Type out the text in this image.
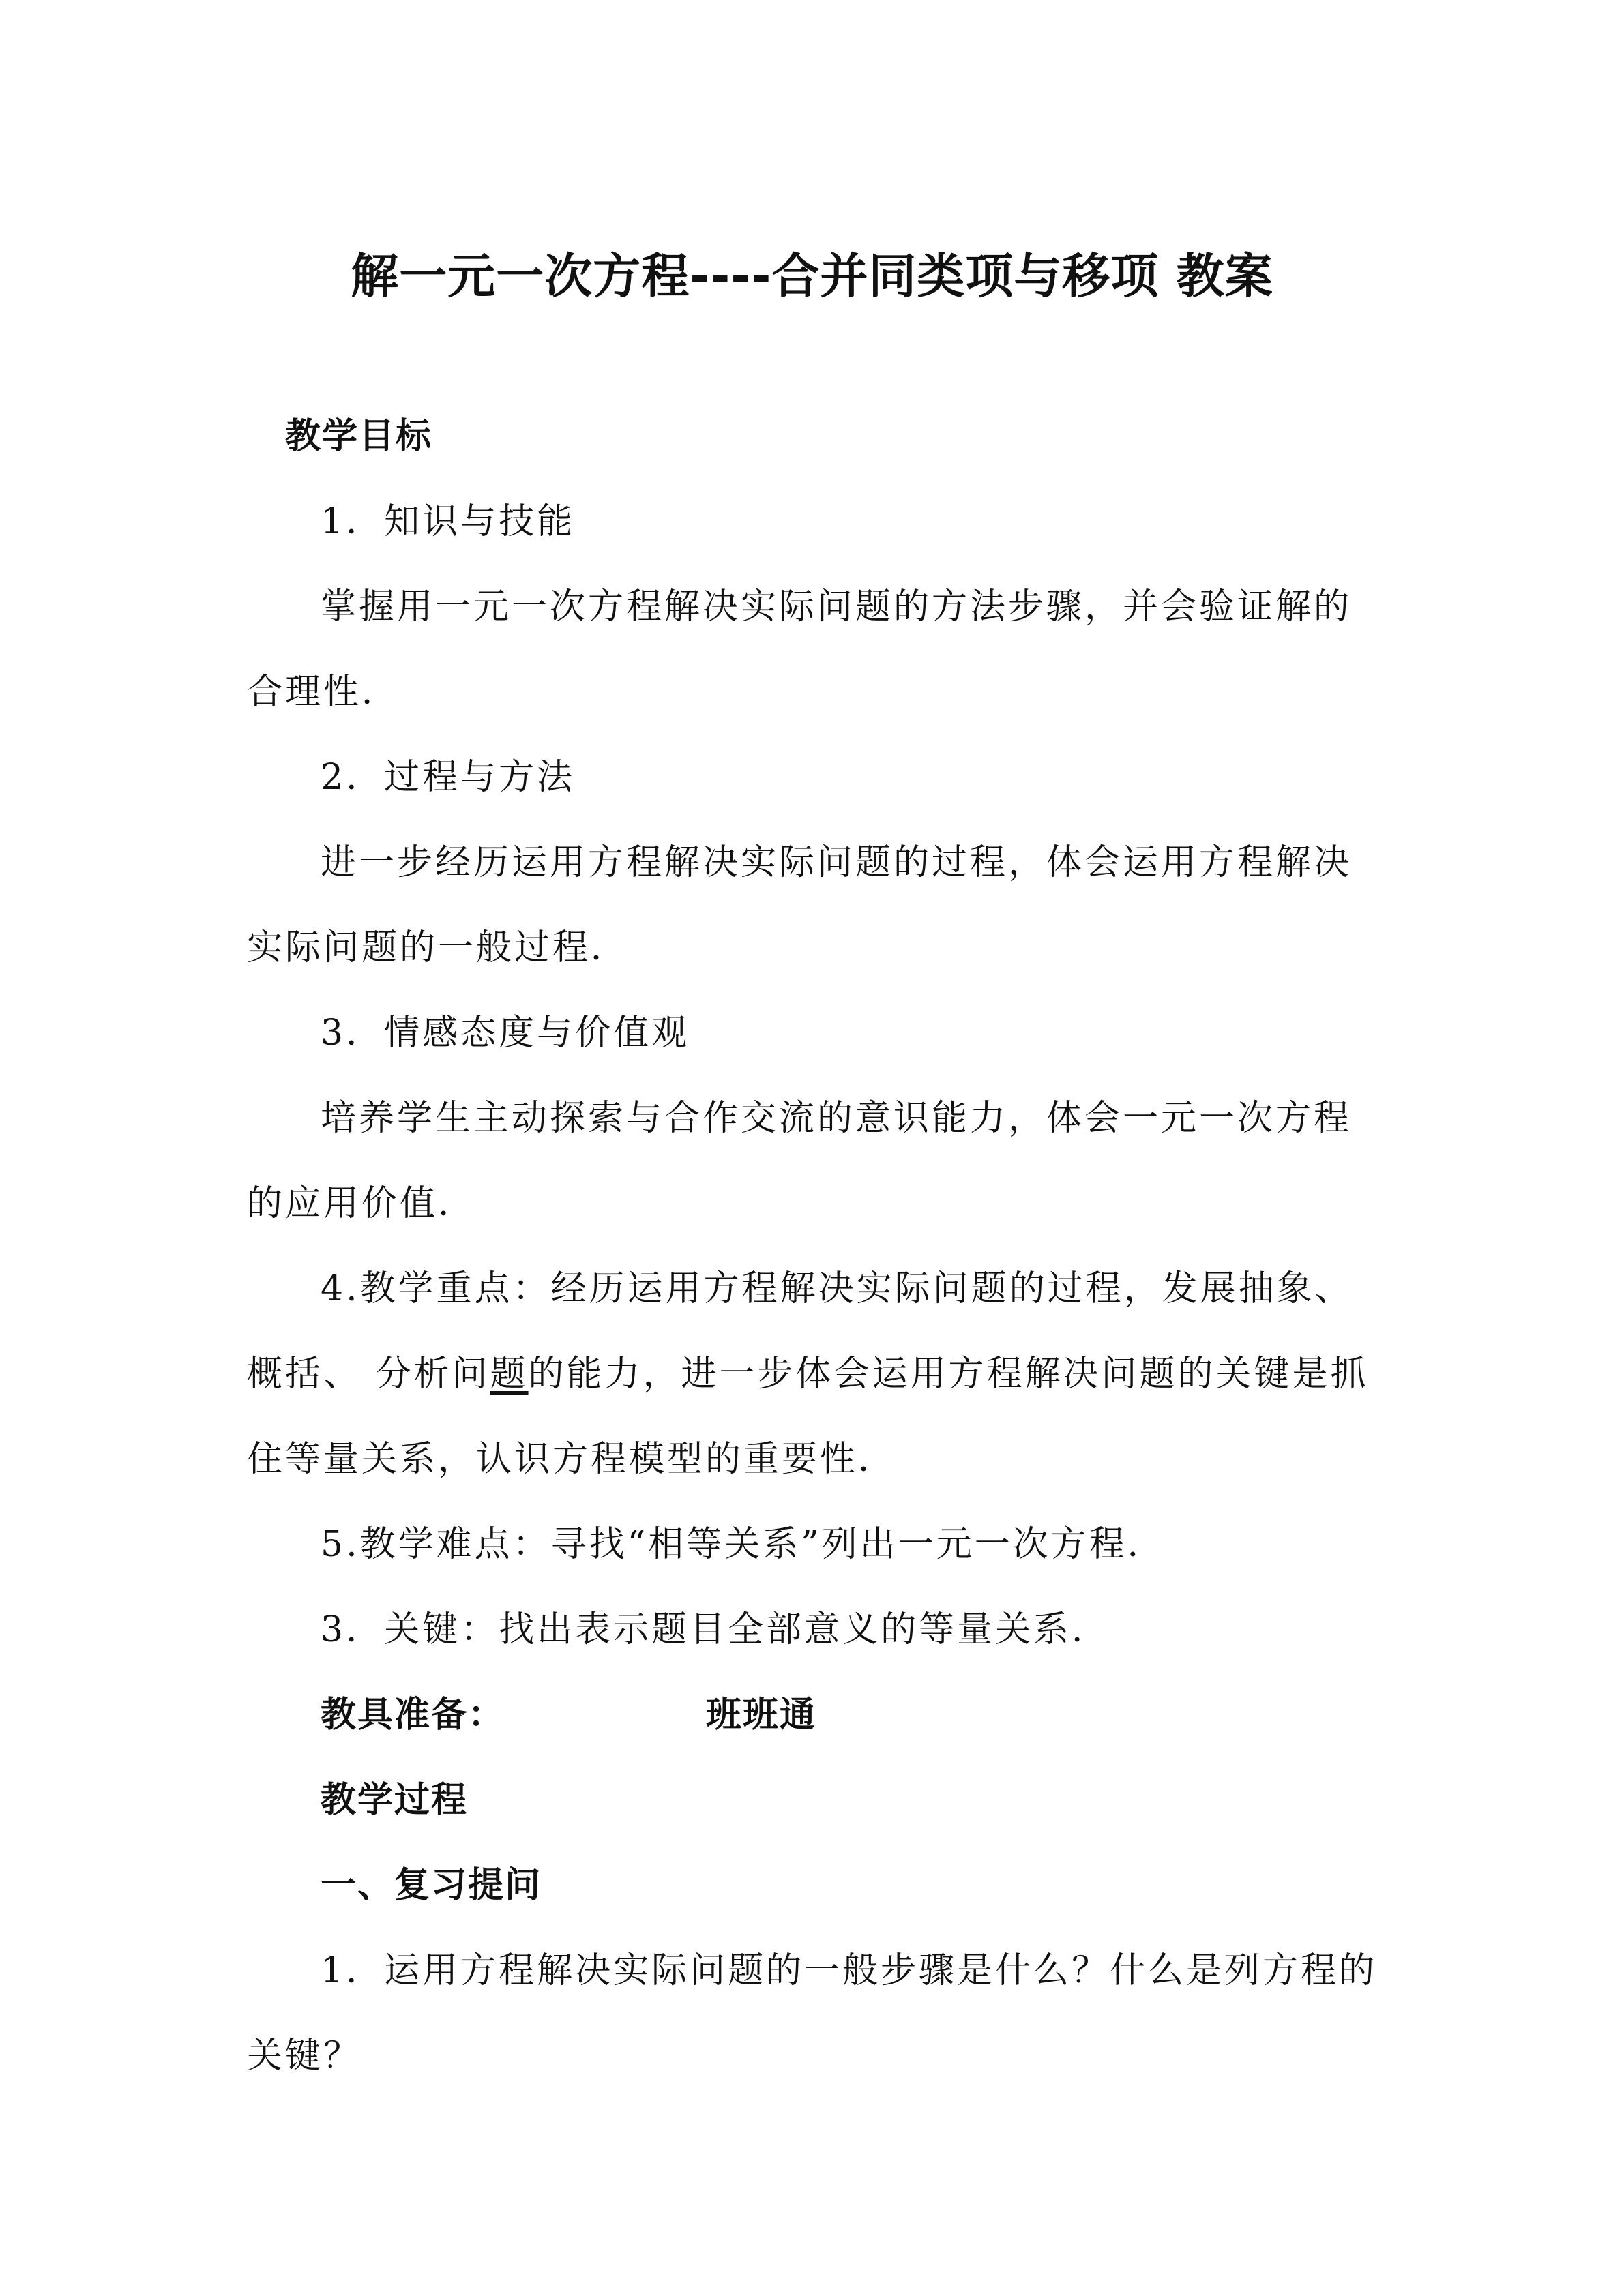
解一元一次方程----合并同类项与移项 教案
教学目标
1．知识与技能
掌握用一元一次方程解决实际问题的方法步骤，并会验证解的
合理性．
2．过程与方法
进一步经历运用方程解决实际问题的过程，体会运用方程解决
实际问题的一般过程．
3．情感态度与价值观
培养学生主动探索与合作交流的意识能力，体会一元一次方程
的应用价值．
4.教学重点：经历运用方程解决实际问题的过程，发展抽象、
概括、 分析问题的能力，进一步体会运用方程解决问题的关键是抓
住等量关系，认识方程模型的重要性．
5.教学难点：寻找“相等关系”列出一元一次方程．
3．关键：找出表示题目全部意义的等量关系．
教具准备：	班班通
教学过程
一、复习提问
1．运用方程解决实际问题的一般步骤是什么？什么是列方程的
关键？
